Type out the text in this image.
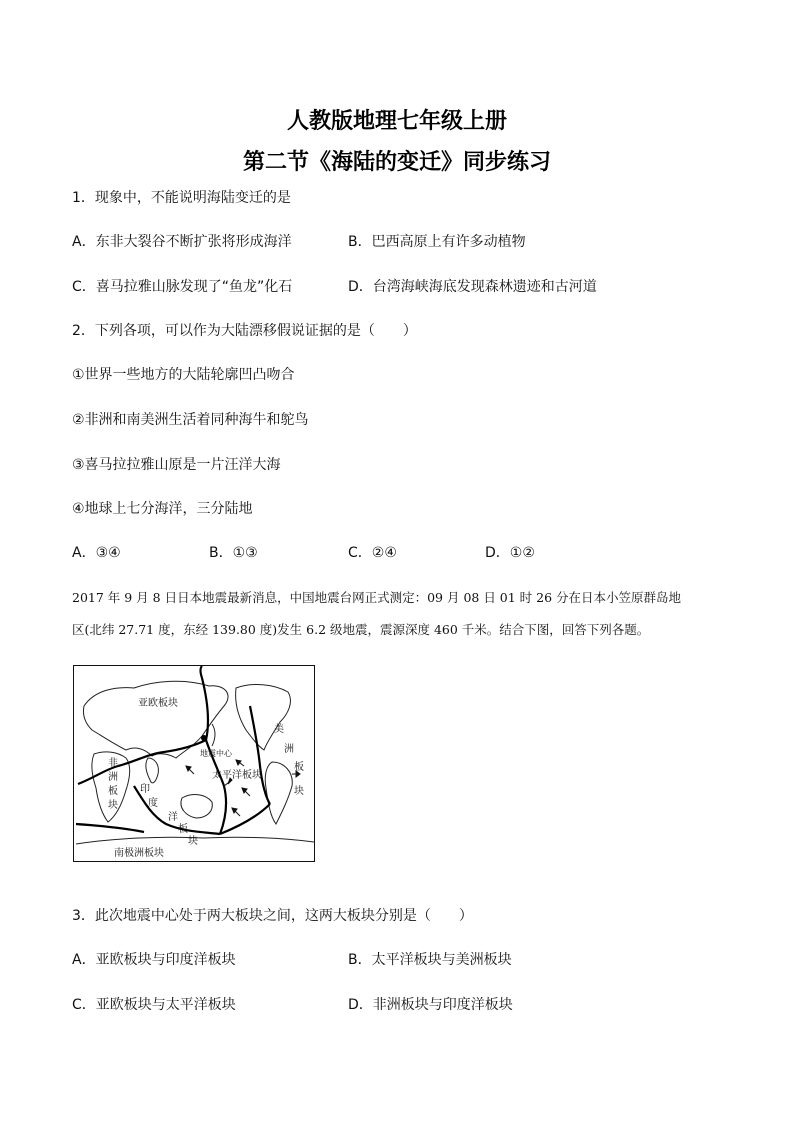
人教版地理七年级上册
第二节《海陆的变迁》同步练习
1．现象中，不能说明海陆变迁的是
A．东非大裂谷不断扩张将形成海洋	B．巴西高原上有许多动植物
C．喜马拉雅山脉发现了“鱼龙”化石	D．台湾海峡海底发现森林遗迹和古河道
2．下列各项，可以作为大陆漂移假说证据的是（　　）
①世界一些地方的大陆轮廓凹凸吻合
②非洲和南美洲生活着同种海牛和鸵鸟
③喜马拉拉雅山原是一片汪洋大海
④地球上七分海洋，三分陆地
A．③④	B．①③	C．②④	D．①②
2017 年 9 月 8 日日本地震最新消息，中国地震台网正式测定：09 月 08 日 01 时 26 分在日本小笠原群岛地
区(北纬 27.71 度，东经 139.80 度)发生 6.2 级地震，震源深度 460 千米。结合下图，回答下列各题。
亚欧板块
地震中心
太平洋板块
非
洲
板
块
印
度
洋
板
块
美
洲
板
块
南极洲板块
3．此次地震中心处于两大板块之间，这两大板块分别是（　　）
A．亚欧板块与印度洋板块	B．太平洋板块与美洲板块
C．亚欧板块与太平洋板块	D．非洲板块与印度洋板块
